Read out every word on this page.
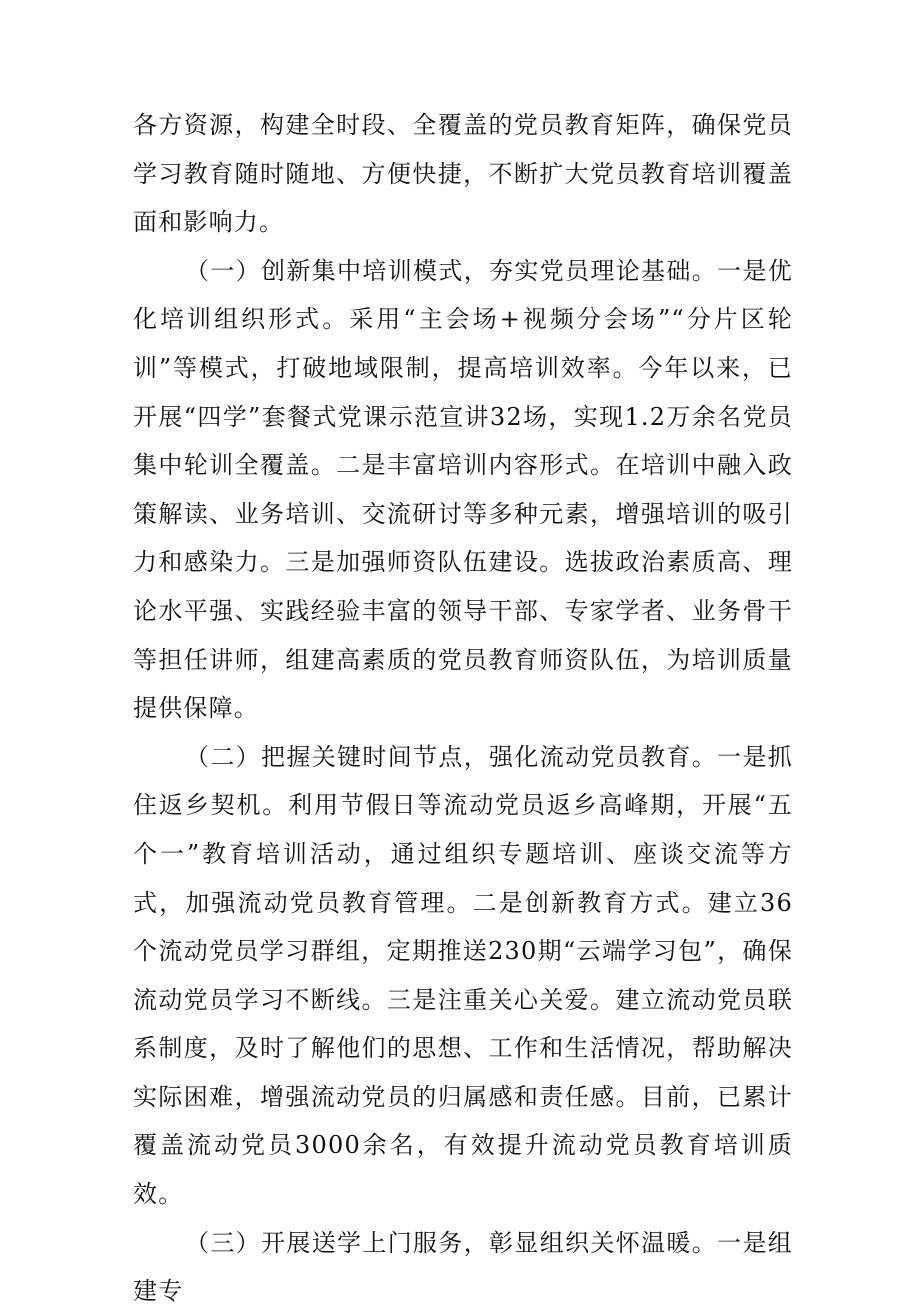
各方资源，构建全时段、全覆盖的党员教育矩阵，确保党员学习教育随时随地、方便快捷，不断扩大党员教育培训覆盖面和影响力。

（一）创新集中培训模式，夯实党员理论基础。一是优化培训组织形式。采用“主会场+视频分会场”“分片区轮训”等模式，打破地域限制，提高培训效率。今年以来，已开展“四学”套餐式党课示范宣讲32场，实现1.2万余名党员集中轮训全覆盖。二是丰富培训内容形式。在培训中融入政策解读、业务培训、交流研讨等多种元素，增强培训的吸引力和感染力。三是加强师资队伍建设。选拔政治素质高、理论水平强、实践经验丰富的领导干部、专家学者、业务骨干等担任讲师，组建高素质的党员教育师资队伍，为培训质量提供保障。

（二）把握关键时间节点，强化流动党员教育。一是抓住返乡契机。利用节假日等流动党员返乡高峰期，开展“五个一”教育培训活动，通过组织专题培训、座谈交流等方式，加强流动党员教育管理。二是创新教育方式。建立36个流动党员学习群组，定期推送230期“云端学习包”，确保流动党员学习不断线。三是注重关心关爱。建立流动党员联系制度，及时了解他们的思想、工作和生活情况，帮助解决实际困难，增强流动党员的归属感和责任感。目前，已累计覆盖流动党员3000余名，有效提升流动党员教育培训质效。

（三）开展送学上门服务，彰显组织关怀温暖。一是组建专
